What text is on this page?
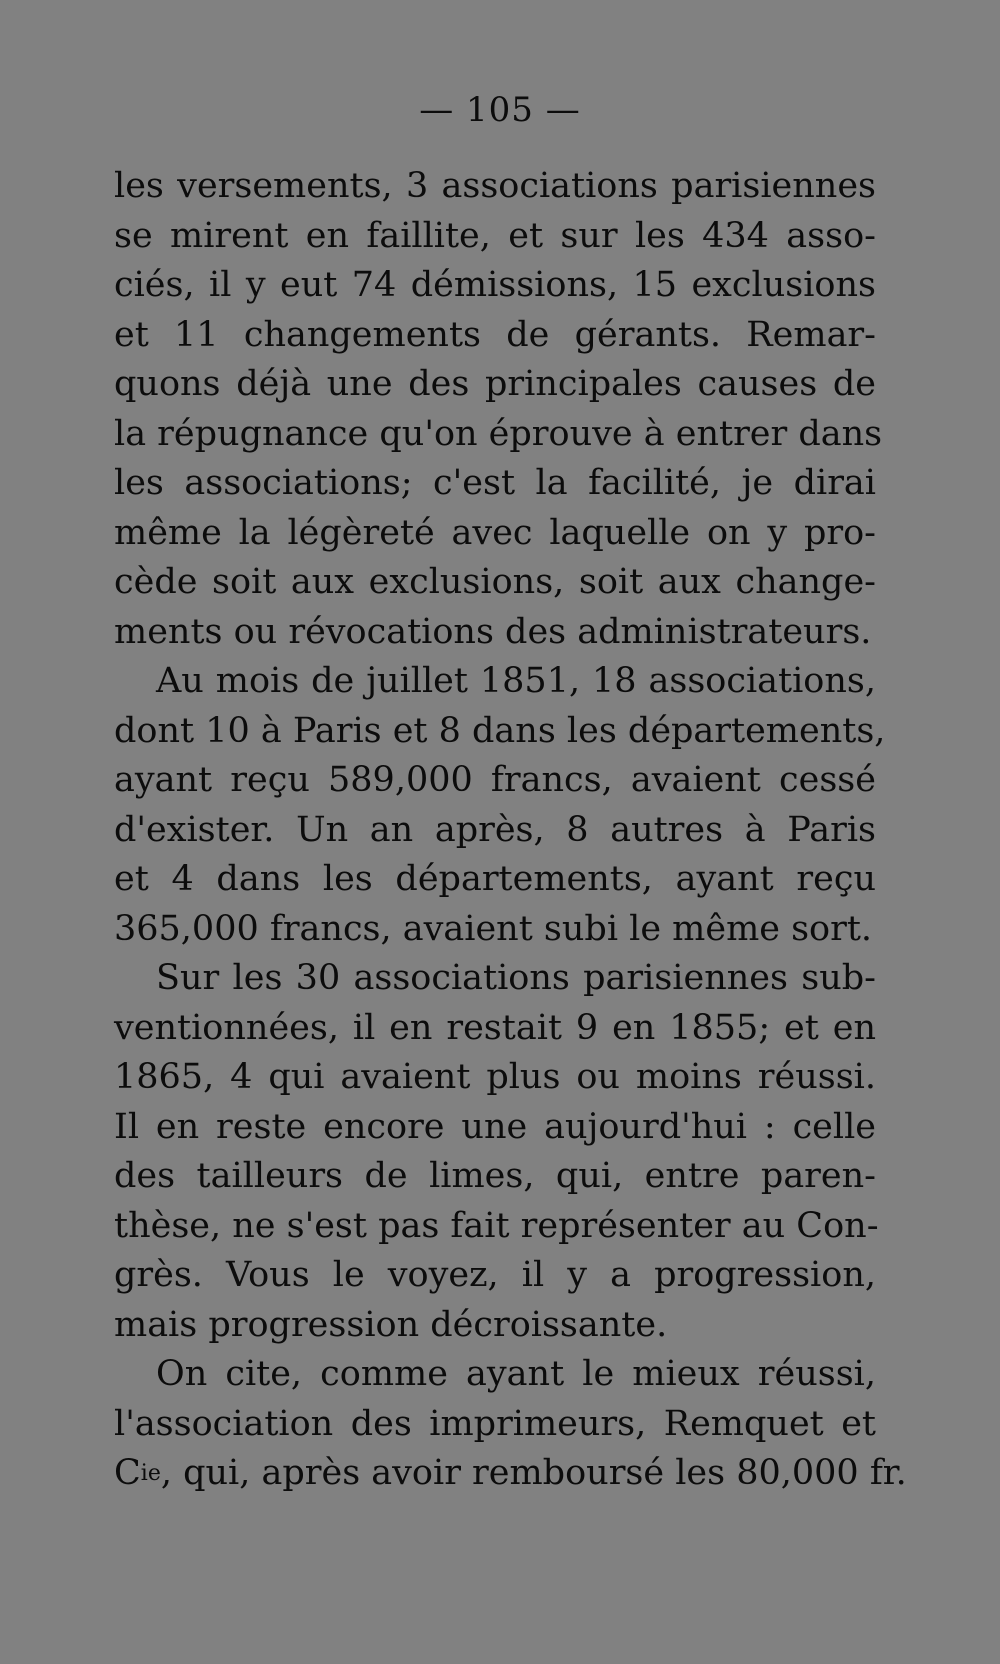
— 105 —
les versements, 3 associations parisiennes
se mirent en faillite, et sur les 434 asso-
ciés, il y eut 74 démissions, 15 exclusions
et 11 changements de gérants. Remar-
quons déjà une des principales causes de
la répugnance qu'on éprouve à entrer dans
les associations; c'est la facilité, je dirai
même la légèreté avec laquelle on y pro-
cède soit aux exclusions, soit aux change-
ments ou révocations des administrateurs.
Au mois de juillet 1851, 18 associations,
dont 10 à Paris et 8 dans les départements,
ayant reçu 589,000 francs, avaient cessé
d'exister. Un an après, 8 autres à Paris
et 4 dans les départements, ayant reçu
365,000 francs, avaient subi le même sort.
Sur les 30 associations parisiennes sub-
ventionnées, il en restait 9 en 1855; et en
1865, 4 qui avaient plus ou moins réussi.
Il en reste encore une aujourd'hui : celle
des tailleurs de limes, qui, entre paren-
thèse, ne s'est pas fait représenter au Con-
grès. Vous le voyez, il y a progression,
mais progression décroissante.
On cite, comme ayant le mieux réussi,
l'association des imprimeurs, Remquet et
$C^{ie}$, qui, après avoir remboursé les 80,000 fr.
